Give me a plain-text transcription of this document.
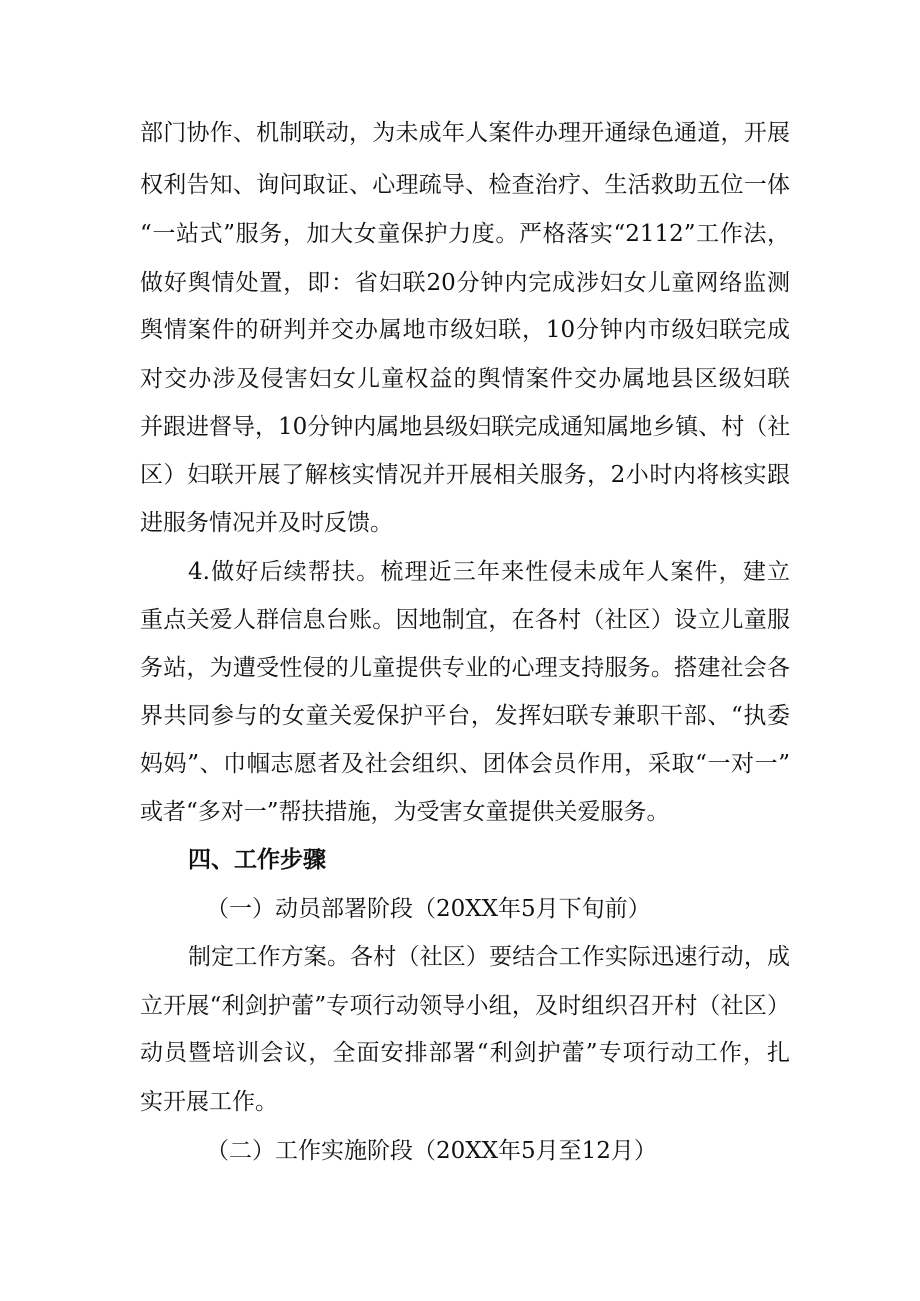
部门协作、机制联动，为未成年人案件办理开通绿色通道，开展
权利告知、询问取证、心理疏导、检查治疗、生活救助五位一体
“一站式”服务，加大女童保护力度。严格落实“2112”工作法，
做好舆情处置，即：省妇联20分钟内完成涉妇女儿童网络监测
舆情案件的研判并交办属地市级妇联，10分钟内市级妇联完成
对交办涉及侵害妇女儿童权益的舆情案件交办属地县区级妇联
并跟进督导，10分钟内属地县级妇联完成通知属地乡镇、村（社
区）妇联开展了解核实情况并开展相关服务，2小时内将核实跟
进服务情况并及时反馈。
4.做好后续帮扶。梳理近三年来性侵未成年人案件，建立
重点关爱人群信息台账。因地制宜，在各村（社区）设立儿童服
务站，为遭受性侵的儿童提供专业的心理支持服务。搭建社会各
界共同参与的女童关爱保护平台，发挥妇联专兼职干部、“执委
妈妈”、巾帼志愿者及社会组织、团体会员作用，采取“一对一”
或者“多对一”帮扶措施，为受害女童提供关爱服务。
四、工作步骤
（一）动员部署阶段（20XX年5月下旬前）
制定工作方案。各村（社区）要结合工作实际迅速行动，成
立开展“利剑护蕾”专项行动领导小组，及时组织召开村（社区）
动员暨培训会议，全面安排部署“利剑护蕾”专项行动工作，扎
实开展工作。
（二）工作实施阶段（20XX年5月至12月）
